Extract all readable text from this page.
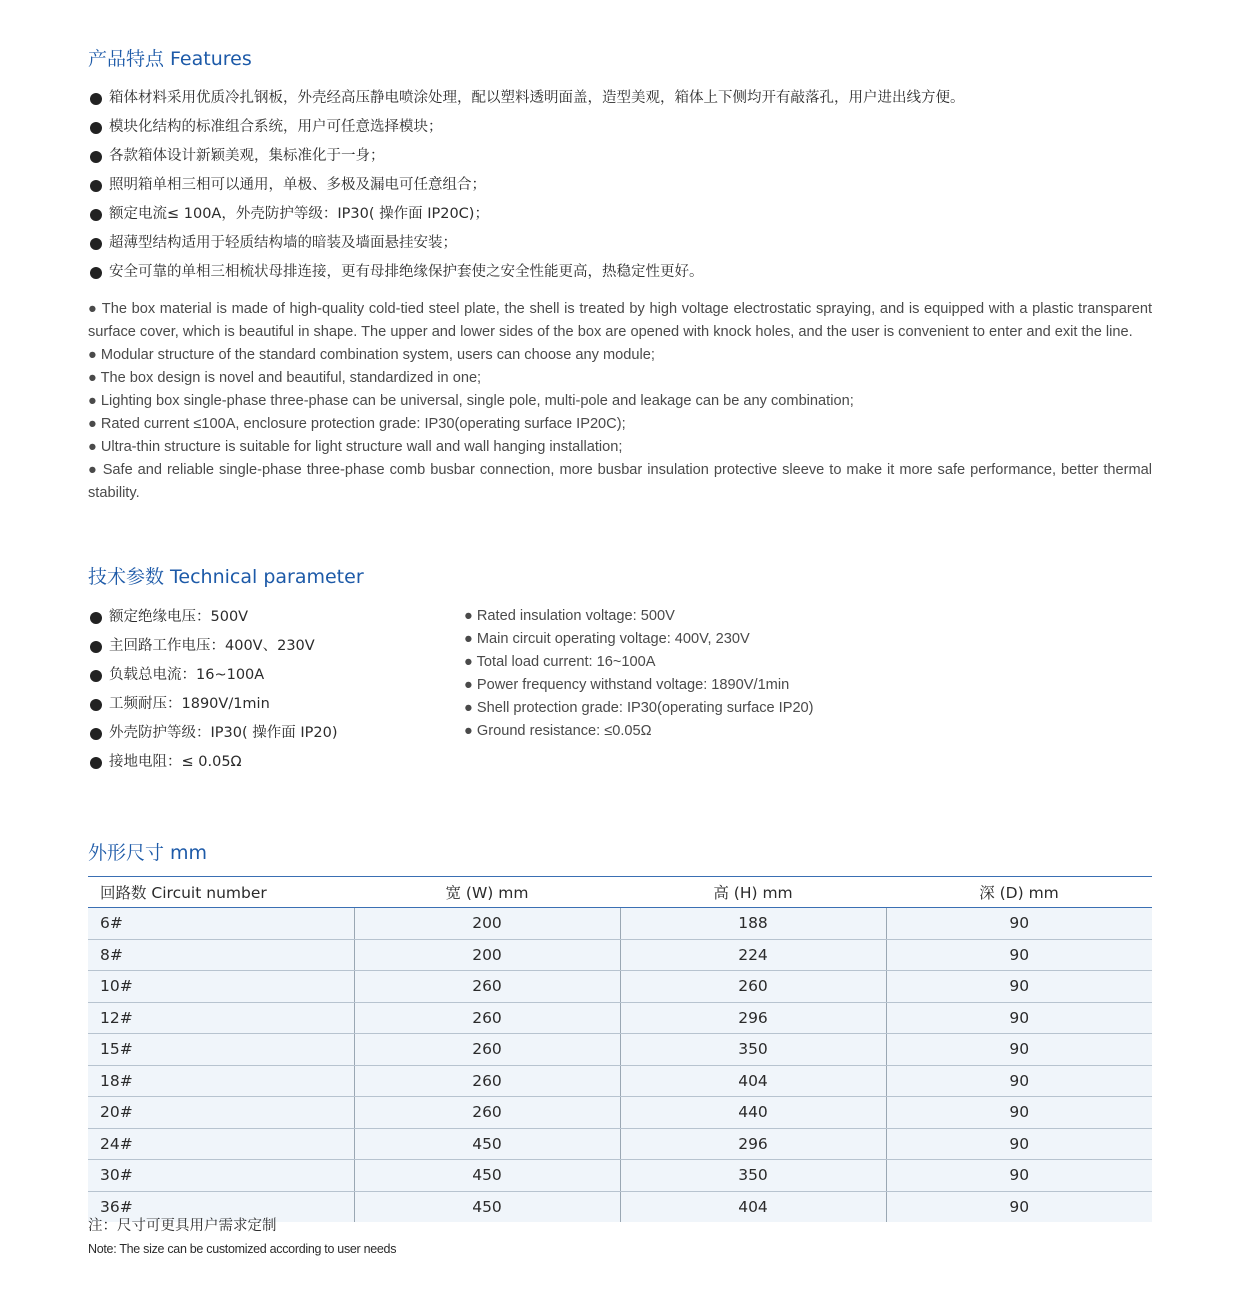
产品特点 Features
箱体材料采用优质冷扎钢板，外壳经高压静电喷涂处理，配以塑料透明面盖，造型美观，箱体上下侧均开有敲落孔，用户进出线方便。
模块化结构的标准组合系统，用户可任意选择模块；
各款箱体设计新颖美观，集标准化于一身；
照明箱单相三相可以通用，单极、多极及漏电可任意组合；
额定电流≤ 100A，外壳防护等级：IP30( 操作面 IP20C)；
超薄型结构适用于轻质结构墙的暗装及墙面悬挂安装；
安全可靠的单相三相梳状母排连接，更有母排绝缘保护套使之安全性能更高，热稳定性更好。

● The box material is made of high-quality cold-tied steel plate, the shell is treated by high voltage electrostatic spraying, and is equipped with a plastic transparent surface cover, which is beautiful in shape. The upper and lower sides of the box are opened with knock holes, and the user is convenient to enter and exit the line.

● Modular structure of the standard combination system, users can choose any module;

● The box design is novel and beautiful, standardized in one;

● Lighting box single-phase three-phase can be universal, single pole, multi-pole and leakage can be any combination;

● Rated current ≤100A, enclosure protection grade: IP30(operating surface IP20C);

● Ultra-thin structure is suitable for light structure wall and wall hanging installation;

● Safe and reliable single-phase three-phase comb busbar connection, more busbar insulation protective sleeve to make it more safe performance, better thermal stability.

技术参数 Technical parameter
额定绝缘电压：500V
主回路工作电压：400V、230V
负载总电流：16~100A
工频耐压：1890V/1min
外壳防护等级：IP30( 操作面 IP20)
接地电阻：≤ 0.05Ω
● Rated insulation voltage: 500V
● Main circuit operating voltage: 400V, 230V
● Total load current: 16~100A
● Power frequency withstand voltage: 1890V/1min
● Shell protection grade: IP30(operating surface IP20)
● Ground resistance: ≤0.05Ω
外形尺寸 mm
回路数 Circuit number	宽 (W) mm	高 (H) mm	深 (D) mm
6#	200	188	90
8#	200	224	90
10#	260	260	90
12#	260	296	90
15#	260	350	90
18#	260	404	90
20#	260	440	90
24#	450	296	90
30#	450	350	90
36#	450	404	90
注：尺寸可更具用户需求定制
Note: The size can be customized according to user needs
